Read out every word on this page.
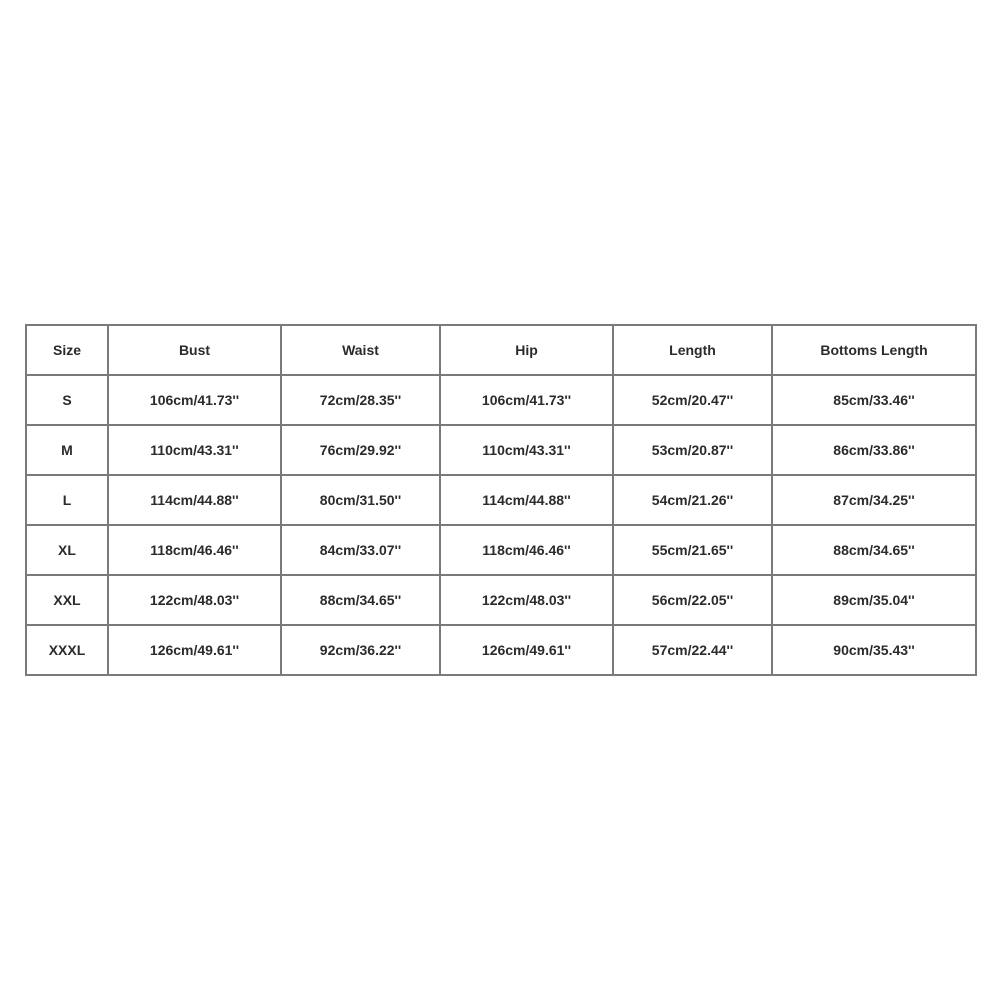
Size	Bust	Waist	Hip	Length	Bottoms Length
S	106cm/41.73''	72cm/28.35''	106cm/41.73''	52cm/20.47''	85cm/33.46''
M	110cm/43.31''	76cm/29.92''	110cm/43.31''	53cm/20.87''	86cm/33.86''
L	114cm/44.88''	80cm/31.50''	114cm/44.88''	54cm/21.26''	87cm/34.25''
XL	118cm/46.46''	84cm/33.07''	118cm/46.46''	55cm/21.65''	88cm/34.65''
XXL	122cm/48.03''	88cm/34.65''	122cm/48.03''	56cm/22.05''	89cm/35.04''
XXXL	126cm/49.61''	92cm/36.22''	126cm/49.61''	57cm/22.44''	90cm/35.43''
